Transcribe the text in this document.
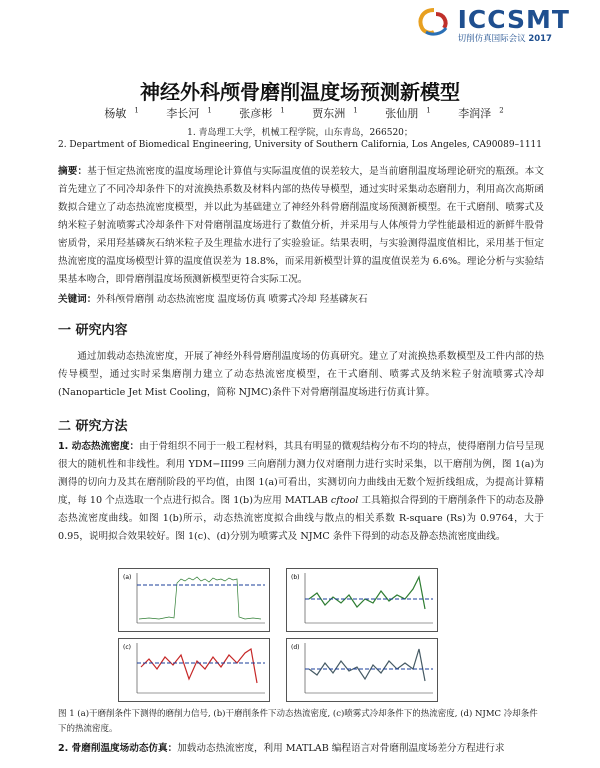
ICCSMT
切削仿真国际会议 2017
神经外科颅骨磨削温度场预测新模型
杨敏 $^1$	李长河 $^1$	张彦彬 $^1$	贾东洲 $^1$	张仙朋 $^1$	李润泽 $^2$
1. 青岛理工大学，机械工程学院，山东青岛，266520；
2. Department of Biomedical Engineering, University of Southern California, Los Angeles, CA90089–1111
摘要：基于恒定热流密度的温度场理论计算值与实际温度值的误差较大，是当前磨削温度场理论研究的瓶颈。本文首先建立了不同冷却条件下的对流换热系数及材料内部的热传导模型，通过实时采集动态磨削力，利用高次高斯函数拟合建立了动态热流密度模型，并以此为基础建立了神经外科骨磨削温度场预测新模型。在干式磨削、喷雾式及纳米粒子射流喷雾式冷却条件下对骨磨削温度场进行了数值分析，并采用与人体颅骨力学性能最相近的新鲜牛股骨密质骨，采用羟基磷灰石纳米粒子及生理盐水进行了实验验证。结果表明，与实验测得温度值相比，采用基于恒定热流密度的温度场模型计算的温度值误差为 18.8%，而采用新模型计算的温度值误差为 6.6%。理论分析与实验结果基本吻合，即骨磨削温度场预测新模型更符合实际工况。
关键词：外科颅骨磨削 动态热流密度 温度场仿真 喷雾式冷却 羟基磷灰石
一 研究内容
通过加载动态热流密度，开展了神经外科骨磨削温度场的仿真研究。建立了对流换热系数模型及工件内部的热传导模型，通过实时采集磨削力建立了动态热流密度模型，在干式磨削、喷雾式及纳米粒子射流喷雾式冷却(Nanoparticle Jet Mist Cooling，简称 NJMC)条件下对骨磨削温度场进行仿真计算。
二 研究方法
1. 动态热流密度：由于骨组织不同于一般工程材料，其具有明显的微观结构分布不均的特点，使得磨削力信号呈现很大的随机性和非线性。利用 YDM−III99 三向磨削力测力仪对磨削力进行实时采集，以干磨削为例，图 1(a)为测得的切向力及其在磨削阶段的平均值，由图 1(a)可看出，实测切向力曲线由无数个短折线组成，为提高计算精度，每 10 个点选取一个点进行拟合。图 1(b)为应用 MATLAB cftool 工具箱拟合得到的干磨削条件下的动态及静态热流密度曲线。如图 1(b)所示，动态热流密度拟合曲线与散点的相关系数 R-square (Rs)为 0.9764，大于 0.95，说明拟合效果较好。图 1(c)、(d)分别为喷雾式及 NJMC 条件下得到的动态及静态热流密度曲线。
(a)	(b)
(c)	(d)
图 1 (a)干磨削条件下测得的磨削力信号, (b)干磨削条件下动态热流密度, (c)喷雾式冷却条件下的热流密度, (d) NJMC 冷却条件下的热流密度。
2. 骨磨削温度场动态仿真：加载动态热流密度，利用 MATLAB 编程语言对骨磨削温度场差分方程进行求
